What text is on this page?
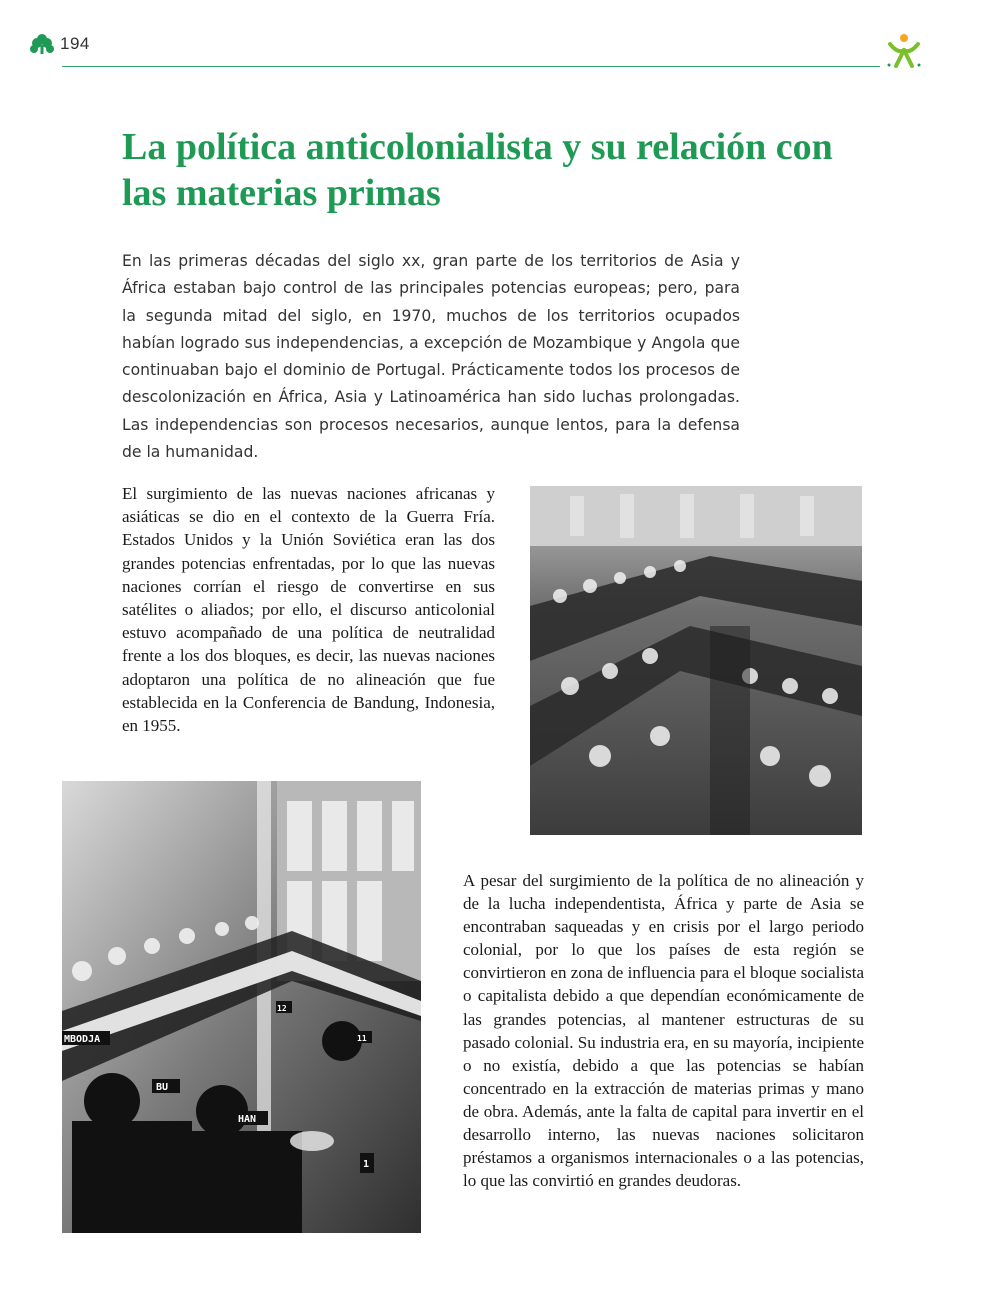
194
La política anticolonialista y su relación con las materias primas

En las primeras décadas del siglo xx, gran parte de los territorios de Asia y África estaban bajo control de las principales potencias europeas; pero, para la segunda mitad del siglo, en 1970, muchos de los territorios ocupados habían logrado sus independencias, a excepción de Mozambique y Angola que continuaban bajo el dominio de Portugal. Prácticamente todos los procesos de descolonización en África, Asia y Latinoamérica han sido luchas prolongadas. Las independencias son procesos necesarios, aunque lentos, para la defensa de la humanidad.

El surgimiento de las nuevas naciones africanas y asiáticas se dio en el contexto de la Guerra Fría. Estados Unidos y la Unión Soviética eran las dos grandes potencias enfrentadas, por lo que las nuevas naciones corrían el riesgo de convertirse en sus satélites o aliados; por ello, el discurso anticolonial estuvo acompañado de una política de neutralidad frente a los dos bloques, es decir, las nuevas naciones adoptaron una política de no alineación que fue establecida en la Conferencia de Bandung, Indonesia, en 1955.

MBODJA
BU
HAN
1
12
11

A pesar del surgimiento de la política de no alineación y de la lucha independentista, África y parte de Asia se encontraban saqueadas y en crisis por el largo periodo colonial, por lo que los países de esta región se convirtieron en zona de influencia para el bloque socialista o capitalista debido a que dependían económicamente de las grandes potencias, al mantener estructuras de su pasado colonial. Su industria era, en su mayoría, incipiente o no existía, debido a que las potencias se habían concentrado en la extracción de materias primas y mano de obra. Además, ante la falta de capital para invertir en el desarrollo interno, las nuevas naciones solicitaron préstamos a organismos internacionales o a las potencias, lo que las convirtió en grandes deudoras.
